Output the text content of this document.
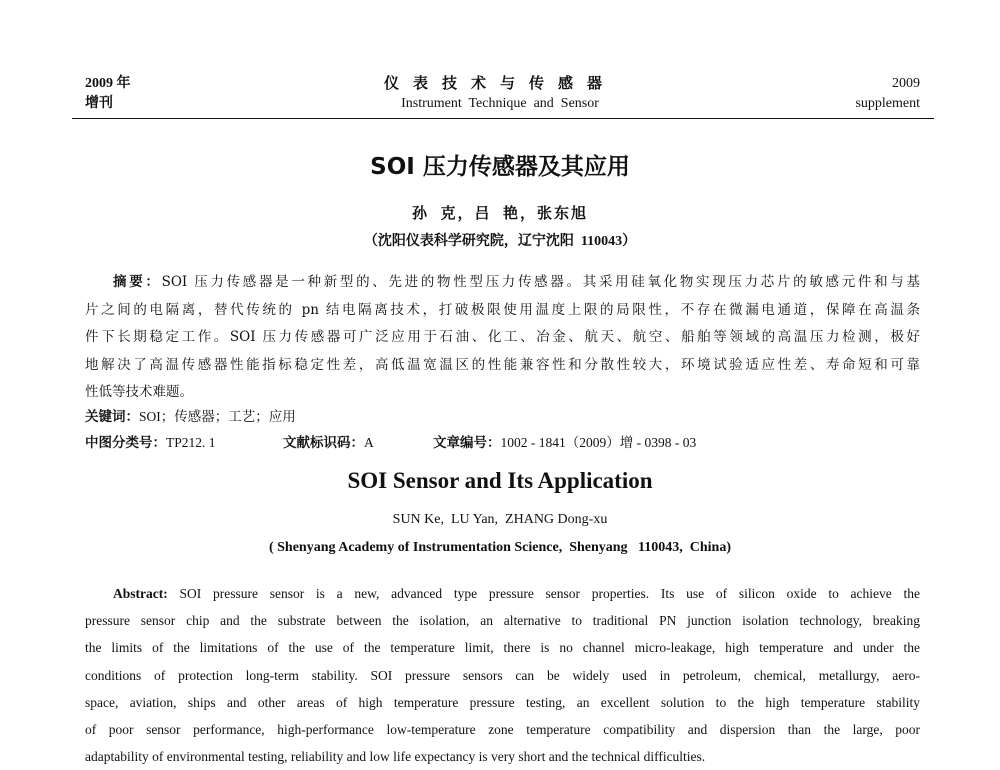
2009 年
增刊
仪表技术与传感器
Instrument  Technique  and  Sensor
2009
supplement
SOI 压力传感器及其应用
孙  克，吕  艳，张东旭
（沈阳仪表科学研究院，辽宁沈阳  110043）
摘要：SOI 压力传感器是一种新型的、先进的物性型压力传感器。其采用硅氧化物实现压力芯片的敏感元件和与基
片之间的电隔离，替代传统的 pn 结电隔离技术，打破极限使用温度上限的局限性，不存在微漏电通道，保障在高温条
件下长期稳定工作。SOI 压力传感器可广泛应用于石油、化工、冶金、航天、航空、船舶等领域的高温压力检测，极好
地解决了高温传感器性能指标稳定性差，高低温宽温区的性能兼容性和分散性较大，环境试验适应性差、寿命短和可靠
性低等技术难题。
关键词：SOI；传感器；工艺；应用
中图分类号：TP212. 1	文献标识码：A	文章编号：1002 - 1841（2009）增 - 0398 - 03
SOI Sensor and Its Application
SUN Ke,  LU Yan,  ZHANG Dong-xu
( Shenyang Academy of Instrumentation Science,  Shenyang   110043,  China)
Abstract: SOI pressure sensor is a new, advanced type pressure sensor properties. Its use of silicon oxide to achieve the
pressure sensor chip and the substrate between the isolation, an alternative to traditional PN junction isolation technology, breaking
the limits of the limitations of the use of the temperature limit, there is no channel micro-leakage, high temperature and under the
conditions of protection long-term stability. SOI pressure sensors can be widely used in petroleum, chemical, metallurgy, aero-
space, aviation, ships and other areas of high temperature pressure testing, an excellent solution to the high temperature stability
of poor sensor performance, high-performance low-temperature zone temperature compatibility and dispersion than the large, poor
adaptability of environmental testing, reliability and low life expectancy is very short and the technical difficulties.
